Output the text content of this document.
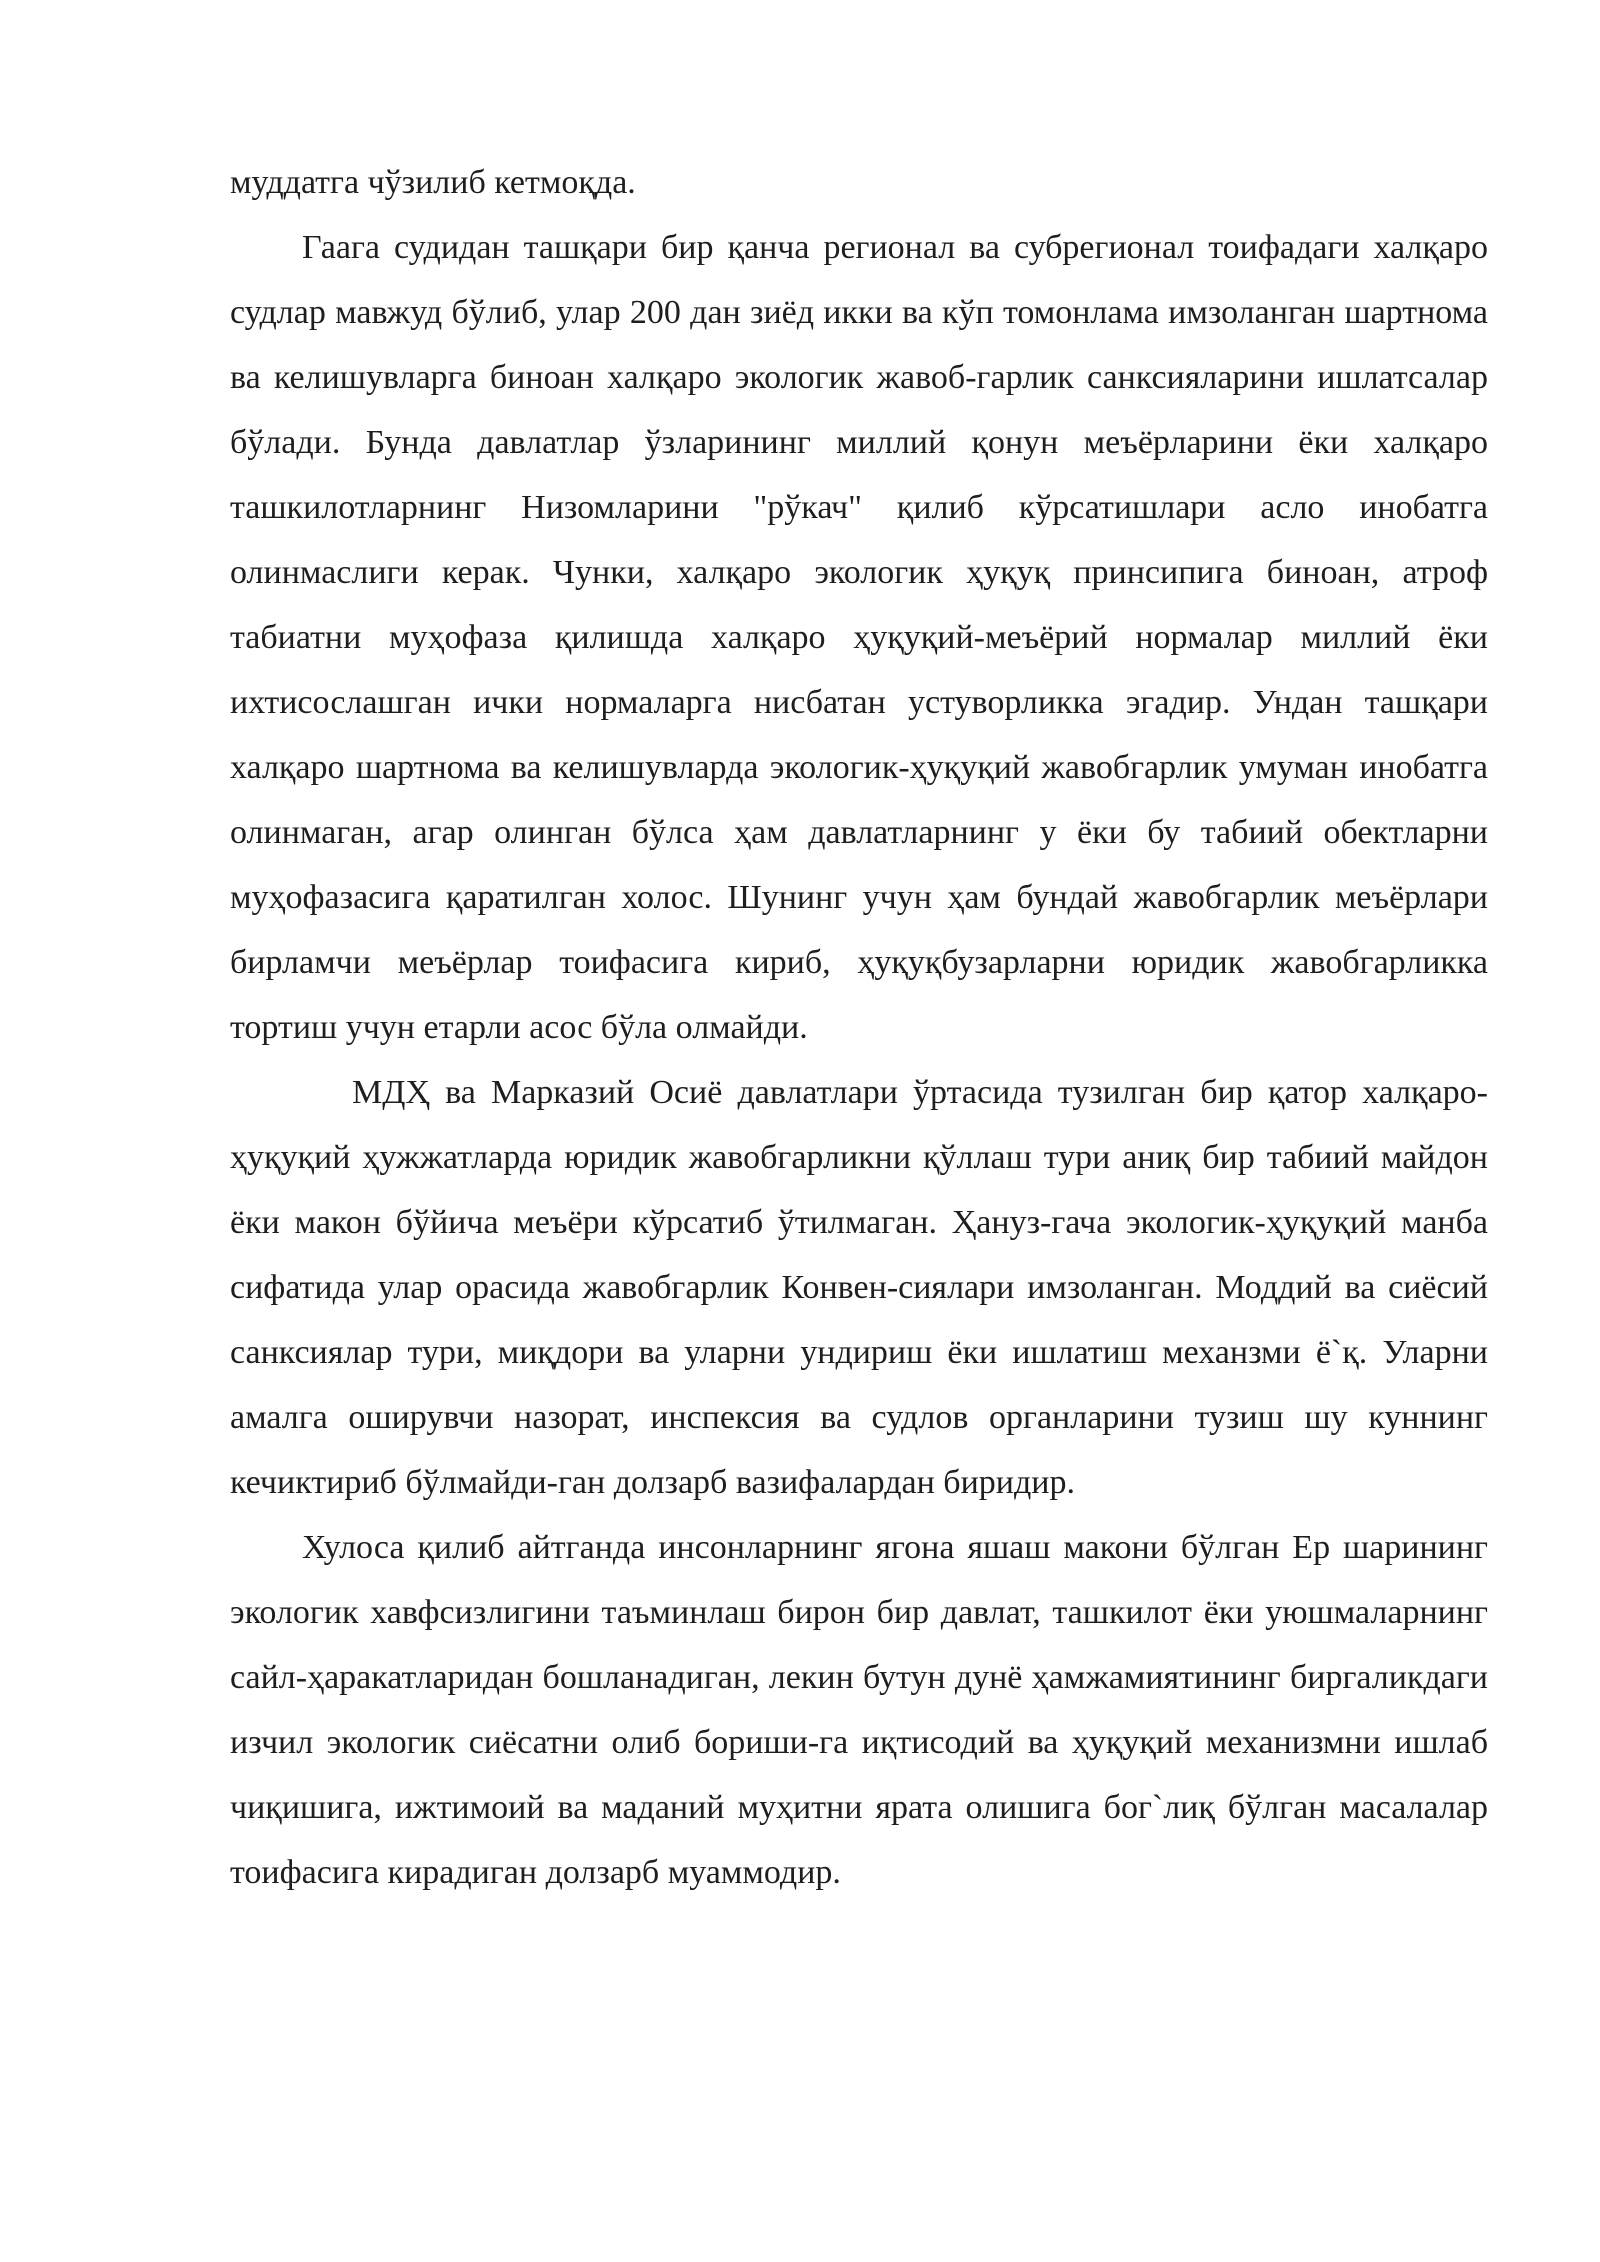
муддатга чўзилиб кетмоқда.

Гаага судидан ташқари бир қанча регионал ва субрегионал тоифадаги халқаро судлар мавжуд бўлиб, улар 200 дан зиёд икки ва кўп томонлама имзоланган шартнома ва келишувларга биноан халқаро экологик жавоб-гарлик санксияларини ишлатсалар бўлади. Бунда давлатлар ўзларининг миллий қонун меъёрларини ёки халқаро ташкилотларнинг Низомларини "рўкач" қилиб кўрсатишлари асло инобатга олинмаслиги керак. Чунки, халқаро экологик ҳуқуқ принсипига биноан, атроф табиатни муҳофаза қилишда халқаро ҳуқуқий-меъёрий нормалар миллий ёки ихтисослашган ички нормаларга нисбатан устуворликка эгадир. Ундан ташқари халқаро шартнома ва келишувларда экологик-ҳуқуқий жавобгарлик умуман инобатга олинмаган, агар олинган бўлса ҳам давлатларнинг у ёки бу табиий обектларни муҳофазасига қаратилган холос. Шунинг учун ҳам бундай жавобгарлик меъёрлари бирламчи меъёрлар тоифасига кириб, ҳуқуқбузарларни юридик жавобгарликка тортиш учун етарли асос бўла олмайди.

МДҲ ва Марказий Осиё давлатлари ўртасида тузилган бир қатор халқаро-ҳуқуқий ҳужжатларда юридик жавобгарликни қўллаш тури аниқ бир табиий майдон ёки макон бўйича меъёри кўрсатиб ўтилмаган. Ҳануз-гача экологик-ҳуқуқий манба сифатида улар орасида жавобгарлик Конвен-сиялари имзоланган. Моддий ва сиёсий санксиялар тури, миқдори ва уларни ундириш ёки ишлатиш механзми ё`қ. Уларни амалга оширувчи назорат, инспексия ва судлов органларини тузиш шу куннинг кечиктириб бўлмайди-ган долзарб вазифалардан биридир.

Хулоса қилиб айтганда инсонларнинг ягона яшаш макони бўлган Ер шарининг экологик хавфсизлигини таъминлаш бирон бир давлат, ташкилот ёки уюшмаларнинг сайл-ҳаракатларидан бошланадиган, лекин бутун дунё ҳамжамиятининг биргаликдаги изчил экологик сиёсатни олиб бориши-га иқтисодий ва ҳуқуқий механизмни ишлаб чиқишига, ижтимоий ва маданий муҳитни ярата олишига бог`лиқ бўлган масалалар тоифасига кирадиган долзарб муаммодир.
